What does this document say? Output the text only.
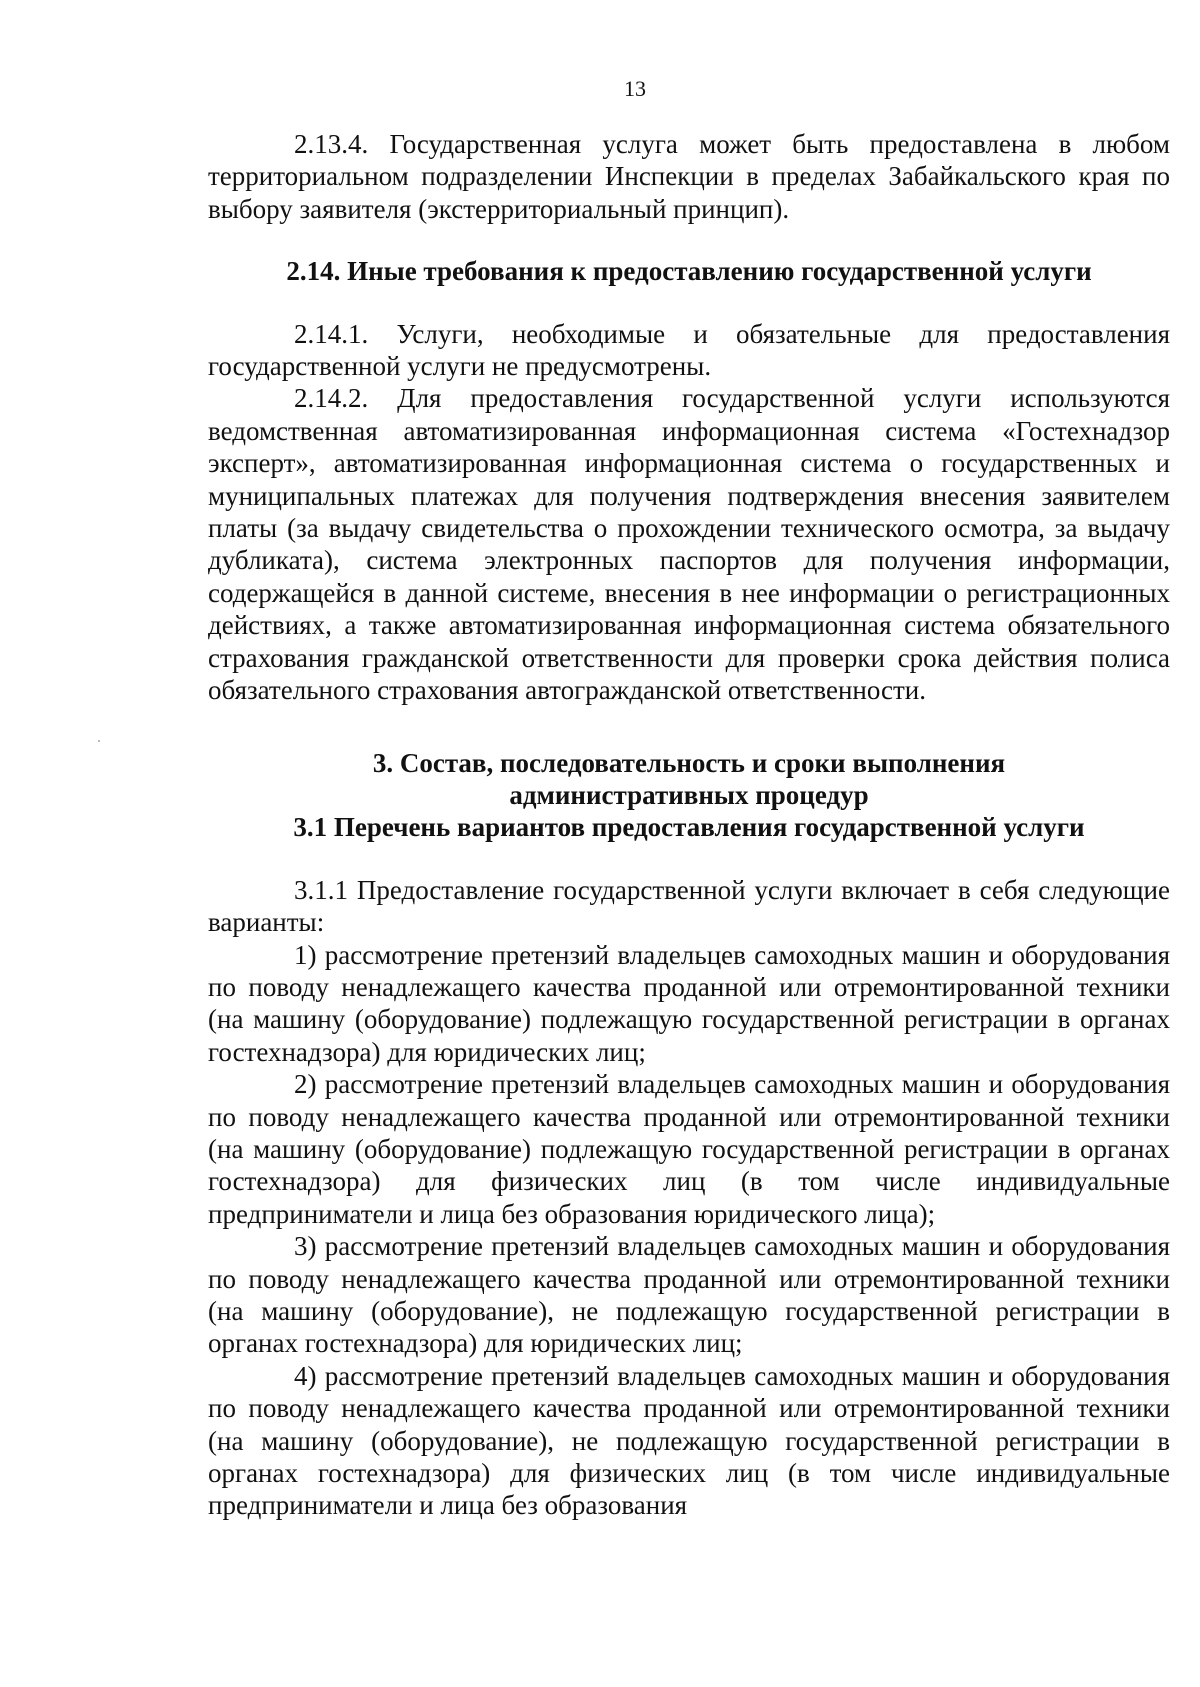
13

2.13.4. Государственная услуга может быть предоставлена в любом территориальном подразделении Инспекции в пределах Забайкальского края по выбору заявителя (экстерриториальный принцип).

2.14. Иные требования к предоставлению государственной услуги

2.14.1. Услуги, необходимые и обязательные для предоставления государственной услуги не предусмотрены.

2.14.2. Для предоставления государственной услуги используются ведомственная автоматизированная информационная система «Гостехнадзор эксперт», автоматизированная информационная система о государственных и муниципальных платежах для получения подтверждения внесения заявителем платы (за выдачу свидетельства о прохождении технического осмотра, за выдачу дубликата), система электронных паспортов для получения информации, содержащейся в данной системе, внесения в нее информации о регистрационных действиях, а также автоматизированная информационная система обязательного страхования гражданской ответственности для проверки срока действия полиса обязательного страхования автогражданской ответственности.

3. Состав, последовательность и сроки выполнения
административных процедур
3.1 Перечень вариантов предоставления государственной услуги

3.1.1 Предоставление государственной услуги включает в себя следующие варианты:

1) рассмотрение претензий владельцев самоходных машин и оборудования по поводу ненадлежащего качества проданной или отремонтированной техники (на машину (оборудование) подлежащую государственной регистрации в органах гостехнадзора) для юридических лиц;

2) рассмотрение претензий владельцев самоходных машин и оборудования по поводу ненадлежащего качества проданной или отремонтированной техники (на машину (оборудование) подлежащую государственной регистрации в органах гостехнадзора) для физических лиц (в том числе индивидуальные предприниматели и лица без образования юридического лица);

3) рассмотрение претензий владельцев самоходных машин и оборудования по поводу ненадлежащего качества проданной или отремонтированной техники (на машину (оборудование), не подлежащую государственной регистрации в органах гостехнадзора) для юридических лиц;

4) рассмотрение претензий владельцев самоходных машин и оборудования по поводу ненадлежащего качества проданной или отремонтированной техники (на машину (оборудование), не подлежащую государственной регистрации в органах гостехнадзора) для физических лиц (в том числе индивидуальные предприниматели и лица без образования
